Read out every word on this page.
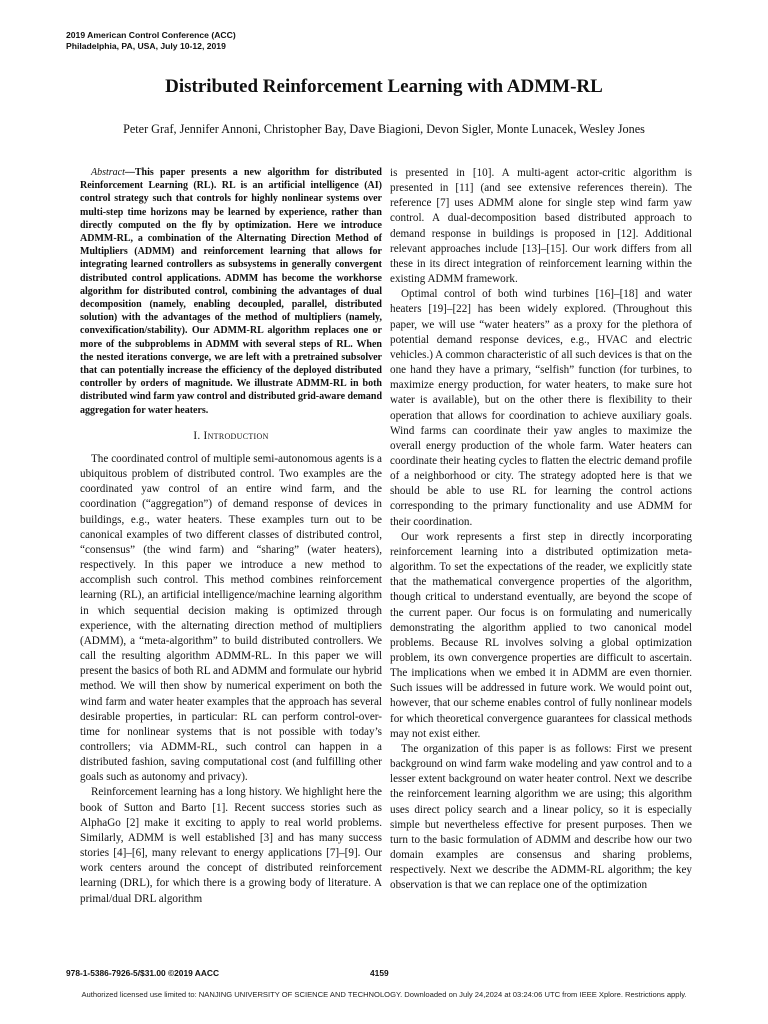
2019 American Control Conference (ACC)
Philadelphia, PA, USA, July 10-12, 2019
Distributed Reinforcement Learning with ADMM-RL
Peter Graf, Jennifer Annoni, Christopher Bay, Dave Biagioni, Devon Sigler, Monte Lunacek, Wesley Jones

Abstract—This paper presents a new algorithm for distributed Reinforcement Learning (RL). RL is an artificial intelligence (AI) control strategy such that controls for highly nonlinear systems over multi-step time horizons may be learned by experience, rather than directly computed on the fly by optimization. Here we introduce ADMM-RL, a combination of the Alternating Direction Method of Multipliers (ADMM) and reinforcement learning that allows for integrating learned controllers as subsystems in generally convergent distributed control applications. ADMM has become the workhorse algorithm for distributed control, combining the advantages of dual decomposition (namely, enabling decoupled, parallel, distributed solution) with the advantages of the method of multipliers (namely, convexification/stability). Our ADMM-RL algorithm replaces one or more of the subproblems in ADMM with several steps of RL. When the nested iterations converge, we are left with a pretrained subsolver that can potentially increase the efficiency of the deployed distributed controller by orders of magnitude. We illustrate ADMM-RL in both distributed wind farm yaw control and distributed grid-aware demand aggregation for water heaters.

I. Introduction

The coordinated control of multiple semi-autonomous agents is a ubiquitous problem of distributed control. Two examples are the coordinated yaw control of an entire wind farm, and the coordination (“aggregation”) of demand response of devices in buildings, e.g., water heaters. These examples turn out to be canonical examples of two different classes of distributed control, “consensus” (the wind farm) and “sharing” (water heaters), respectively. In this paper we introduce a new method to accomplish such control. This method combines reinforcement learning (RL), an artificial intelligence/machine learning algorithm in which sequential decision making is optimized through experience, with the alternating direction method of multipliers (ADMM), a “meta-algorithm” to build distributed controllers. We call the resulting algorithm ADMM-RL. In this paper we will present the basics of both RL and ADMM and formulate our hybrid method. We will then show by numerical experiment on both the wind farm and water heater examples that the approach has several desirable properties, in particular: RL can perform control-over-time for nonlinear systems that is not possible with today’s controllers; via ADMM-RL, such control can happen in a distributed fashion, saving computational cost (and fulfilling other goals such as autonomy and privacy).

Reinforcement learning has a long history. We highlight here the book of Sutton and Barto [1]. Recent success stories such as AlphaGo [2] make it exciting to apply to real world problems. Similarly, ADMM is well established [3] and has many success stories [4]–[6], many relevant to energy applications [7]–[9]. Our work centers around the concept of distributed reinforcement learning (DRL), for which there is a growing body of literature. A primal/dual DRL algorithm

is presented in [10]. A multi-agent actor-critic algorithm is presented in [11] (and see extensive references therein). The reference [7] uses ADMM alone for single step wind farm yaw control. A dual-decomposition based distributed approach to demand response in buildings is proposed in [12]. Additional relevant approaches include [13]–[15]. Our work differs from all these in its direct integration of reinforcement learning within the existing ADMM framework.

Optimal control of both wind turbines [16]–[18] and water heaters [19]–[22] has been widely explored. (Throughout this paper, we will use “water heaters” as a proxy for the plethora of potential demand response devices, e.g., HVAC and electric vehicles.) A common characteristic of all such devices is that on the one hand they have a primary, “selfish” function (for turbines, to maximize energy production, for water heaters, to make sure hot water is available), but on the other there is flexibility to their operation that allows for coordination to achieve auxiliary goals. Wind farms can coordinate their yaw angles to maximize the overall energy production of the whole farm. Water heaters can coordinate their heating cycles to flatten the electric demand profile of a neighborhood or city. The strategy adopted here is that we should be able to use RL for learning the control actions corresponding to the primary functionality and use ADMM for their coordination.

Our work represents a first step in directly incorporating reinforcement learning into a distributed optimization meta-algorithm. To set the expectations of the reader, we explicitly state that the mathematical convergence properties of the algorithm, though critical to understand eventually, are beyond the scope of the current paper. Our focus is on formulating and numerically demonstrating the algorithm applied to two canonical model problems. Because RL involves solving a global optimization problem, its own convergence properties are difficult to ascertain. The implications when we embed it in ADMM are even thornier. Such issues will be addressed in future work. We would point out, however, that our scheme enables control of fully nonlinear models for which theoretical convergence guarantees for classical methods may not exist either.

The organization of this paper is as follows: First we present background on wind farm wake modeling and yaw control and to a lesser extent background on water heater control. Next we describe the reinforcement learning algorithm we are using; this algorithm uses direct policy search and a linear policy, so it is especially simple but nevertheless effective for present purposes. Then we turn to the basic formulation of ADMM and describe how our two domain examples are consensus and sharing problems, respectively. Next we describe the ADMM-RL algorithm; the key observation is that we can replace one of the optimization

978-1-5386-7926-5/$31.00 ©2019 AACC	4159
Authorized licensed use limited to: NANJING UNIVERSITY OF SCIENCE AND TECHNOLOGY. Downloaded on July 24,2024 at 03:24:06 UTC from IEEE Xplore. Restrictions apply.
